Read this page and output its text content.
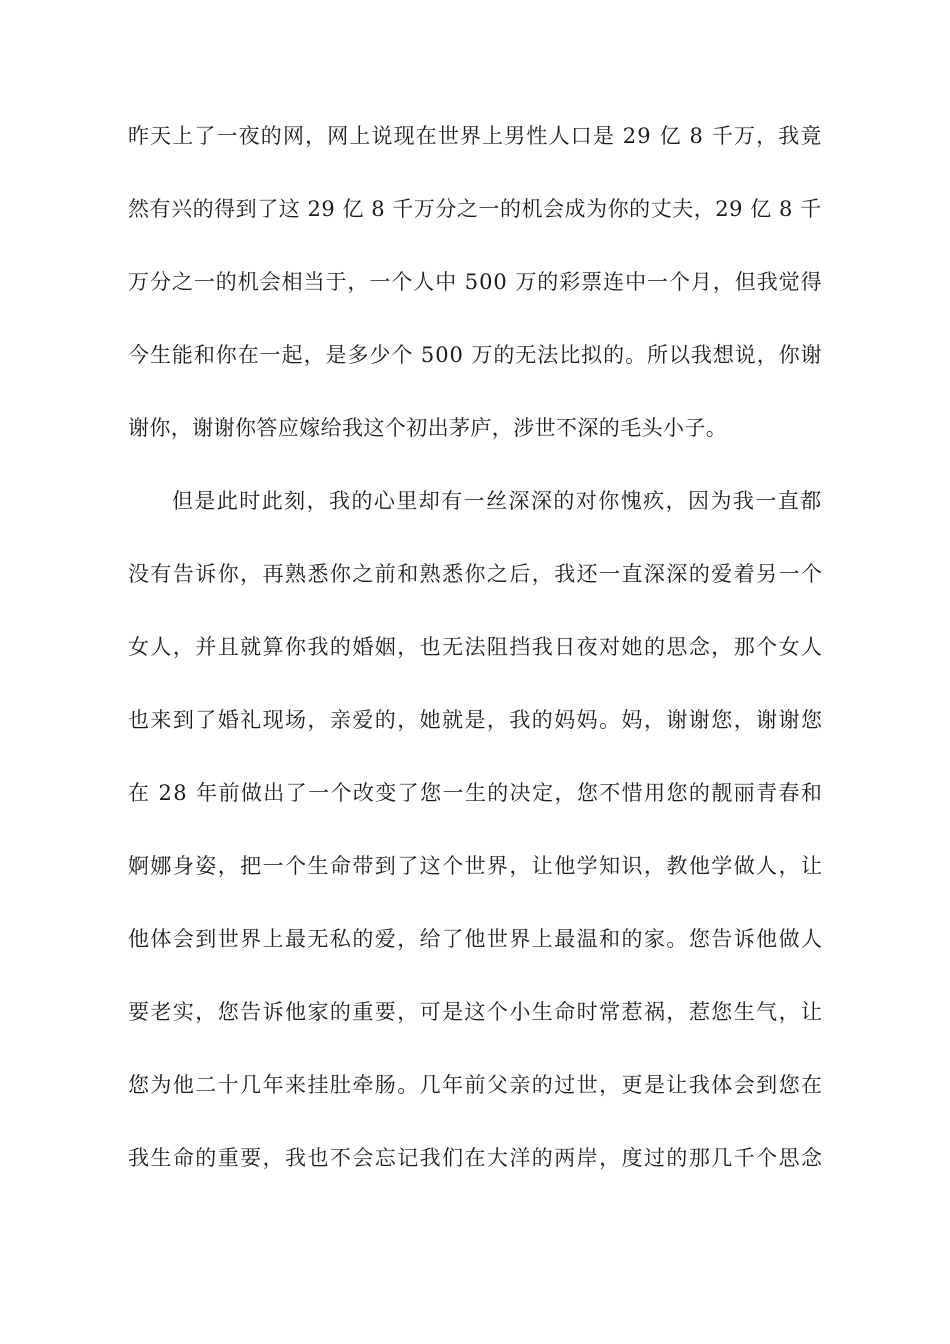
昨天上了一夜的网，网上说现在世界上男性人口是 29 亿 8 千万，我竟
然有兴的得到了这 29 亿 8 千万分之一的机会成为你的丈夫，29 亿 8 千
万分之一的机会相当于，一个人中 500 万的彩票连中一个月，但我觉得
今生能和你在一起，是多少个 500 万的无法比拟的。所以我想说，你谢
谢你，谢谢你答应嫁给我这个初出茅庐，涉世不深的毛头小子。
但是此时此刻，我的心里却有一丝深深的对你愧疚，因为我一直都
没有告诉你，再熟悉你之前和熟悉你之后，我还一直深深的爱着另一个
女人，并且就算你我的婚姻，也无法阻挡我日夜对她的思念，那个女人
也来到了婚礼现场，亲爱的，她就是，我的妈妈。妈，谢谢您，谢谢您
在 28 年前做出了一个改变了您一生的决定，您不惜用您的靓丽青春和
婀娜身姿，把一个生命带到了这个世界，让他学知识，教他学做人，让
他体会到世界上最无私的爱，给了他世界上最温和的家。您告诉他做人
要老实，您告诉他家的重要，可是这个小生命时常惹祸，惹您生气，让
您为他二十几年来挂肚牵肠。几年前父亲的过世，更是让我体会到您在
我生命的重要，我也不会忘记我们在大洋的两岸，度过的那几千个思念
